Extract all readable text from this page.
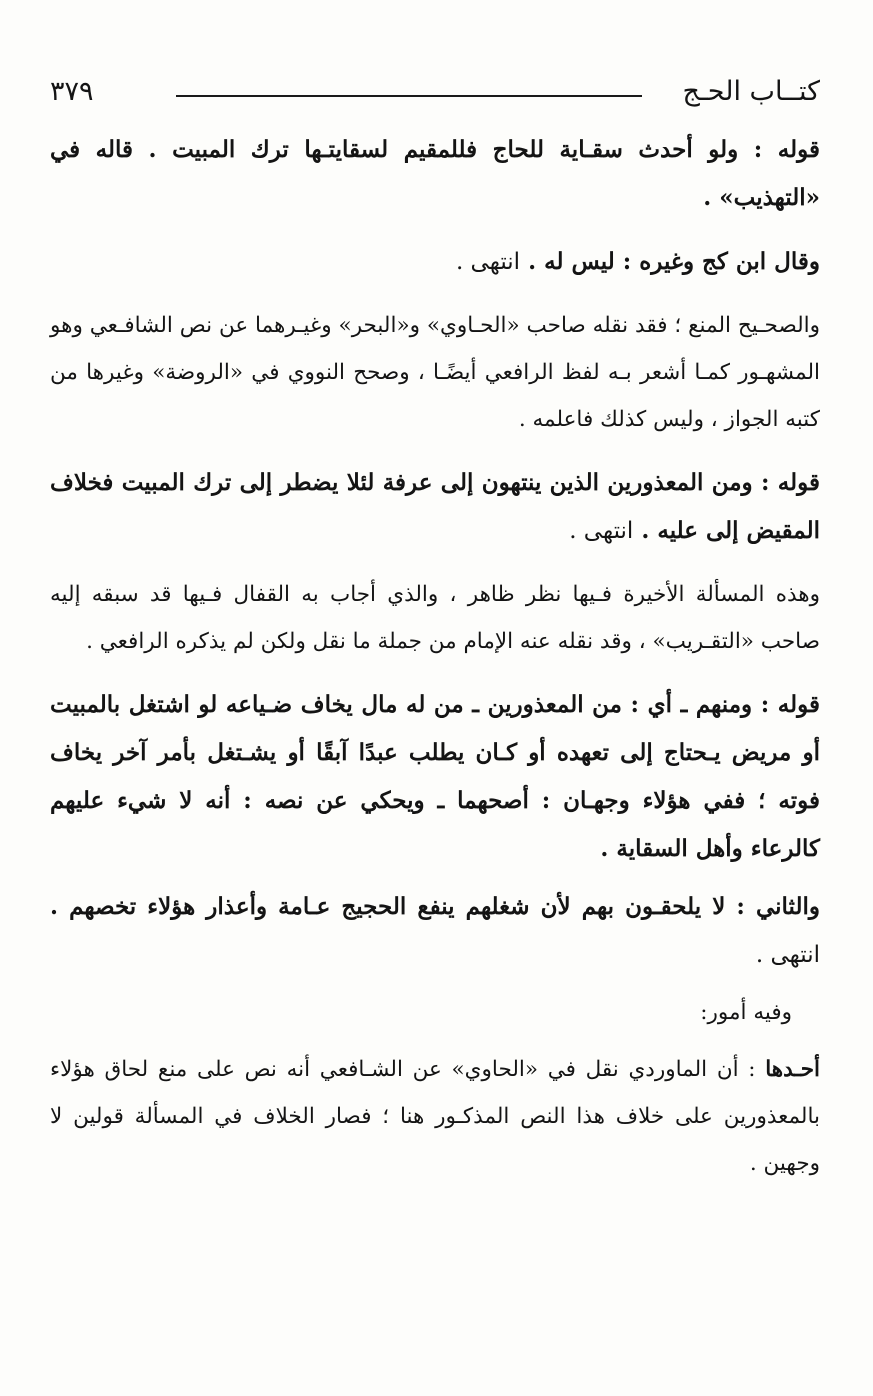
كتــاب الحـج
٣٧٩

قوله : ولو أحدث سقـاية للحاج فللمقيم لسقايتـها ترك المبيت . قاله في «التهذيب» .

وقال ابن كج وغيره : ليس له . انتهى .

والصحـيح المنع ؛ فقد نقله صاحب «الحـاوي» و«البحر» وغيـرهما عن نص الشافـعي وهو المشهـور كمـا أشعر بـه لفظ الرافعي أيضًـا ، وصحح النووي في «الروضة» وغيرها من كتبه الجواز ، وليس كذلك فاعلمه .

قوله : ومن المعذورين الذين ينتهون إلى عرفة لئلا يضطر إلى ترك المبيت فخلاف المقيض إلى عليه . انتهى .

وهذه المسألة الأخيرة فـيها نظر ظاهر ، والذي أجاب به القفال فـيها قد سبقه إليه صاحب «التقـريب» ، وقد نقله عنه الإمام من جملة ما نقل ولكن لم يذكره الرافعي .

قوله : ومنهم ـ أي : من المعذورين ـ من له مال يخاف ضـياعه لو اشتغل بالمبيت أو مريض يـحتاج إلى تعهده أو كـان يطلب عبدًا آبقًا أو يشـتغل بأمر آخر يخاف فوته ؛ ففي هؤلاء وجهـان : أصحهما ـ ويحكي عن نصه : أنه لا شيء عليهم كالرعاء وأهل السقاية .

والثاني : لا يلحقـون بهم لأن شغلهم ينفع الحجيج عـامة وأعذار هؤلاء تخصهم . انتهى .

وفيه أمور:

أحـدها : أن الماوردي نقل في «الحاوي» عن الشـافعي أنه نص على منع لحاق هؤلاء بالمعذورين على خلاف هذا النص المذكـور هنا ؛ فصار الخلاف في المسألة قولين لا وجهين .
